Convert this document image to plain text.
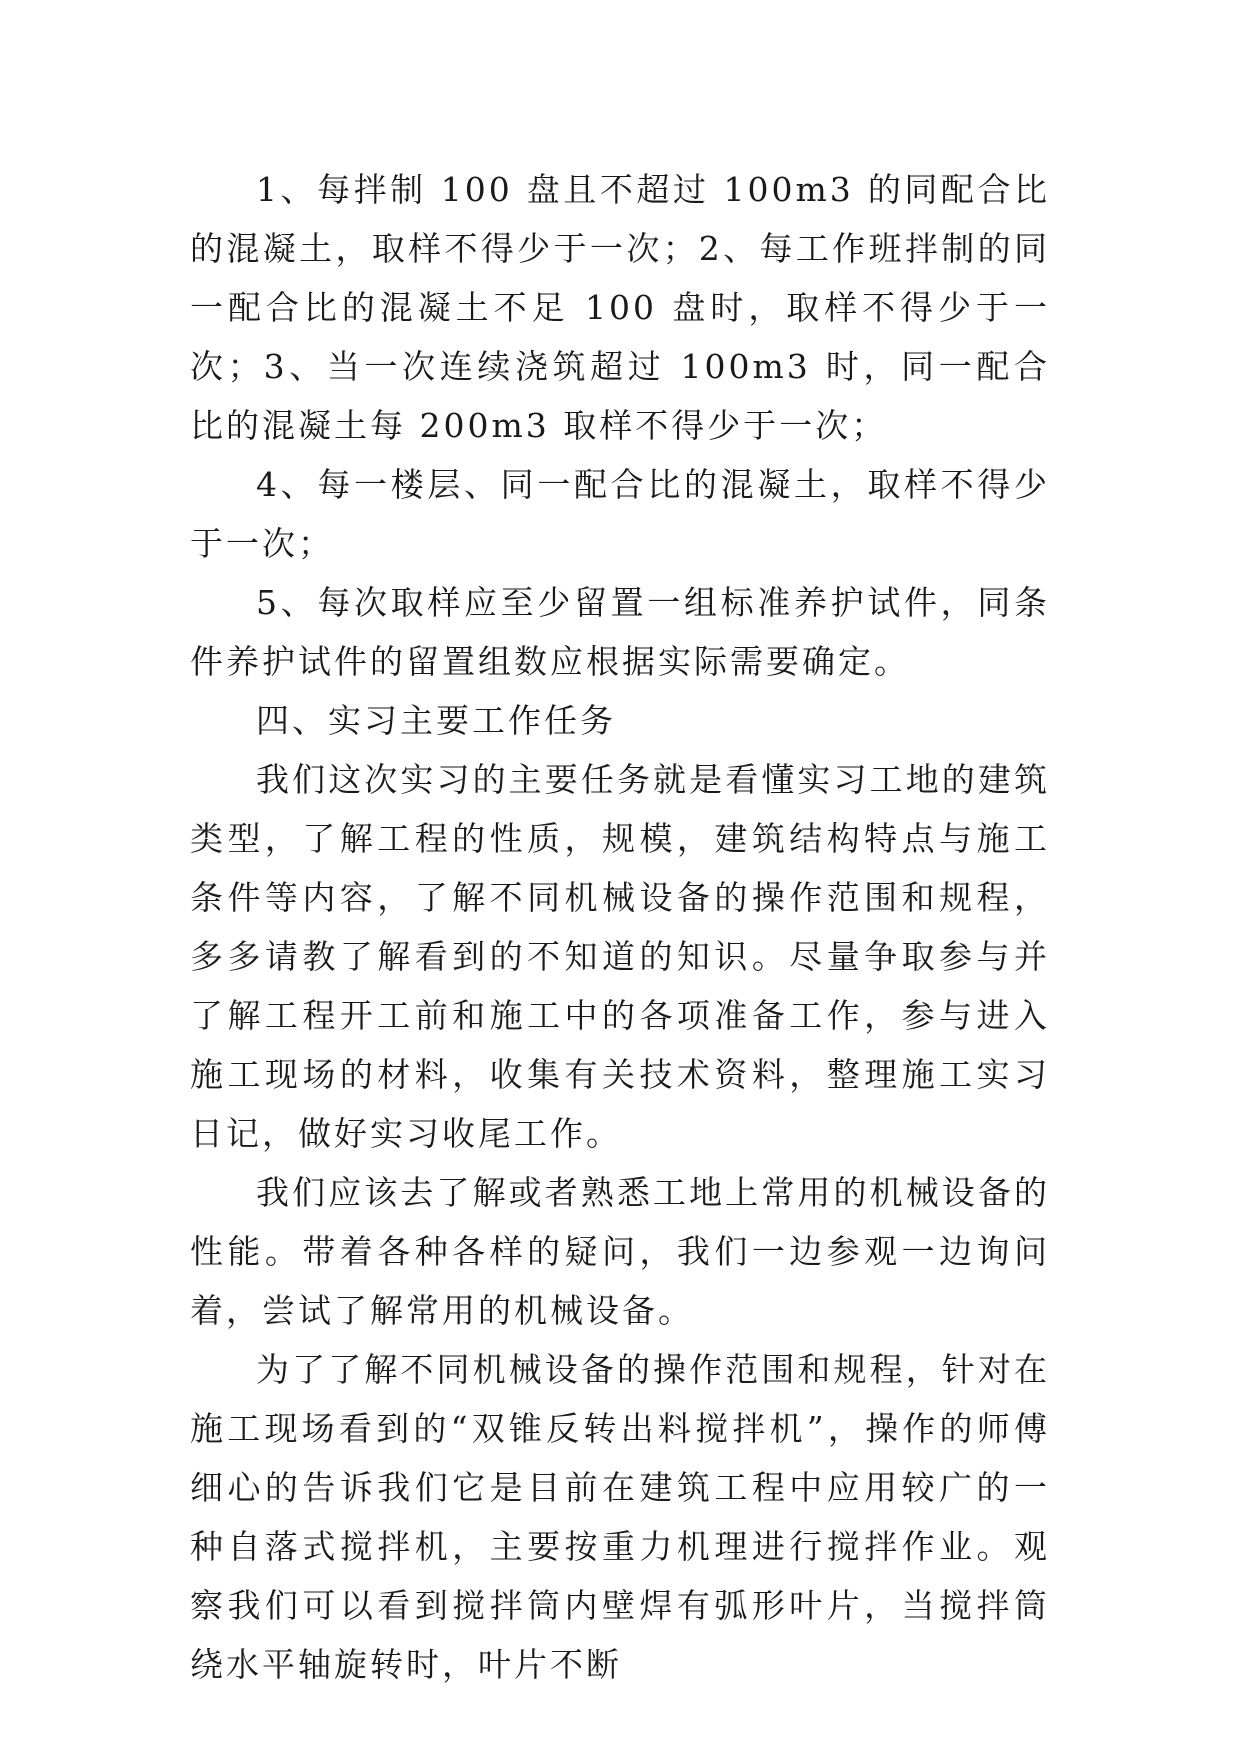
1、每拌制 100 盘且不超过 100m3 的同配合比的混凝土，取样不得少于一次；2、每工作班拌制的同一配合比的混凝土不足 100 盘时，取样不得少于一次；3、当一次连续浇筑超过 100m3 时，同一配合比的混凝土每 200m3 取样不得少于一次；

4、每一楼层、同一配合比的混凝土，取样不得少于一次；

5、每次取样应至少留置一组标准养护试件，同条件养护试件的留置组数应根据实际需要确定。

四、实习主要工作任务

我们这次实习的主要任务就是看懂实习工地的建筑类型，了解工程的性质，规模，建筑结构特点与施工条件等内容，了解不同机械设备的操作范围和规程，多多请教了解看到的不知道的知识。尽量争取参与并了解工程开工前和施工中的各项准备工作，参与进入施工现场的材料，收集有关技术资料，整理施工实习日记，做好实习收尾工作。

我们应该去了解或者熟悉工地上常用的机械设备的性能。带着各种各样的疑问，我们一边参观一边询问着，尝试了解常用的机械设备。

为了了解不同机械设备的操作范围和规程，针对在施工现场看到的“双锥反转出料搅拌机”，操作的师傅细心的告诉我们它是目前在建筑工程中应用较广的一种自落式搅拌机，主要按重力机理进行搅拌作业。观察我们可以看到搅拌筒内壁焊有弧形叶片，当搅拌筒绕水平轴旋转时，叶片不断
